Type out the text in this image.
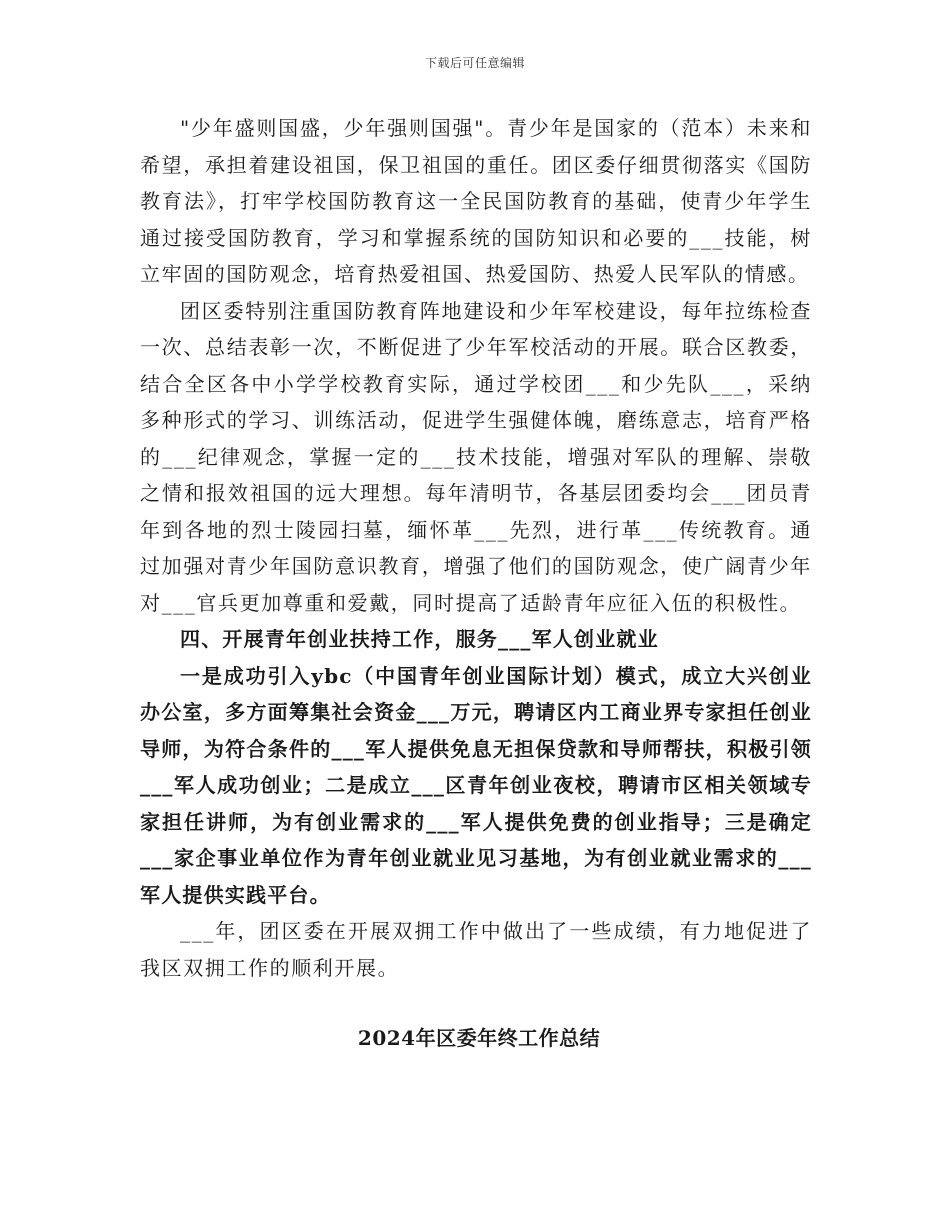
下载后可任意编辑

"少年盛则国盛，少年强则国强"。青少年是国家的（范本）未来和希望，承担着建设祖国，保卫祖国的重任。团区委仔细贯彻落实《国防教育法》，打牢学校国防教育这一全民国防教育的基础，使青少年学生通过接受国防教育，学习和掌握系统的国防知识和必要的___技能，树立牢固的国防观念，培育热爱祖国、热爱国防、热爱人民军队的情感。

团区委特别注重国防教育阵地建设和少年军校建设，每年拉练检查一次、总结表彰一次，不断促进了少年军校活动的开展。联合区教委，结合全区各中小学学校教育实际，通过学校团___和少先队___，采纳多种形式的学习、训练活动，促进学生强健体魄，磨练意志，培育严格的___纪律观念，掌握一定的___技术技能，增强对军队的理解、崇敬之情和报效祖国的远大理想。每年清明节，各基层团委均会___团员青年到各地的烈士陵园扫墓，缅怀革___先烈，进行革___传统教育。通过加强对青少年国防意识教育，增强了他们的国防观念，使广阔青少年对___官兵更加尊重和爱戴，同时提高了适龄青年应征入伍的积极性。

四、开展青年创业扶持工作，服务___军人创业就业

一是成功引入ybc（中国青年创业国际计划）模式，成立大兴创业办公室，多方面筹集社会资金___万元，聘请区内工商业界专家担任创业导师，为符合条件的___军人提供免息无担保贷款和导师帮扶，积极引领___军人成功创业；二是成立___区青年创业夜校，聘请市区相关领域专家担任讲师，为有创业需求的___军人提供免费的创业指导；三是确定___家企事业单位作为青年创业就业见习基地，为有创业就业需求的___军人提供实践平台。

___年，团区委在开展双拥工作中做出了一些成绩，有力地促进了我区双拥工作的顺利开展。

2024年区委年终工作总结
